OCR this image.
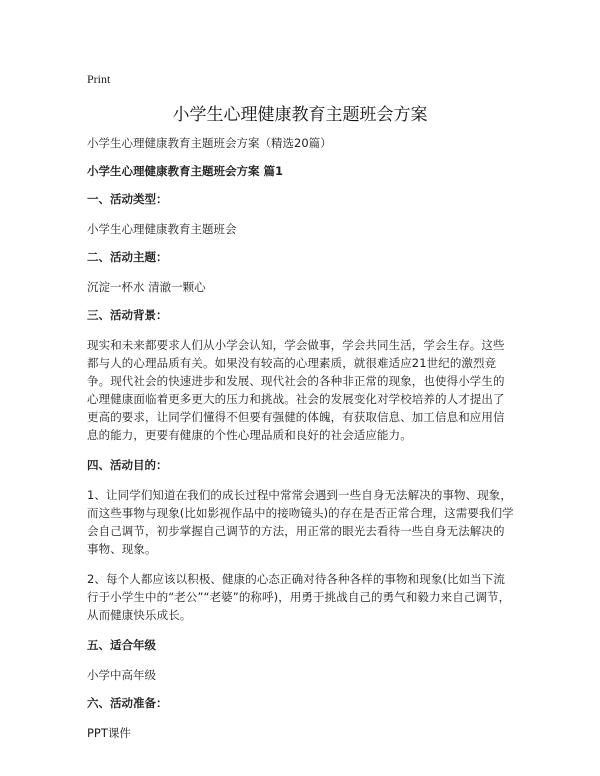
Print
小学生心理健康教育主题班会方案

小学生心理健康教育主题班会方案（精选20篇）

小学生心理健康教育主题班会方案 篇1

一、活动类型：

小学生心理健康教育主题班会

二、活动主题：

沉淀一杯水 清澈一颗心

三、活动背景：

现实和未来都要求人们从小学会认知，学会做事，学会共同生活，学会生存。这些都与人的心理品质有关。如果没有较高的心理素质，就很难适应21世纪的激烈竞争。现代社会的快速进步和发展、现代社会的各种非正常的现象，也使得小学生的心理健康面临着更多更大的压力和挑战。社会的发展变化对学校培养的人才提出了更高的要求，让同学们懂得不但要有强健的体魄，有获取信息、加工信息和应用信息的能力，更要有健康的个性心理品质和良好的社会适应能力。

四、活动目的：

1、让同学们知道在我们的成长过程中常常会遇到一些自身无法解决的事物、现象，而这些事物与现象(比如影视作品中的接吻镜头)的存在是否正常合理，这需要我们学会自己调节，初步掌握自己调节的方法，用正常的眼光去看待一些自身无法解决的事物、现象。

2、每个人都应该以积极、健康的心态正确对待各种各样的事物和现象(比如当下流行于小学生中的“老公”“老婆”的称呼)，用勇于挑战自己的勇气和毅力来自己调节，从而健康快乐成长。

五、适合年级

小学中高年级

六、活动准备：

PPT课件
